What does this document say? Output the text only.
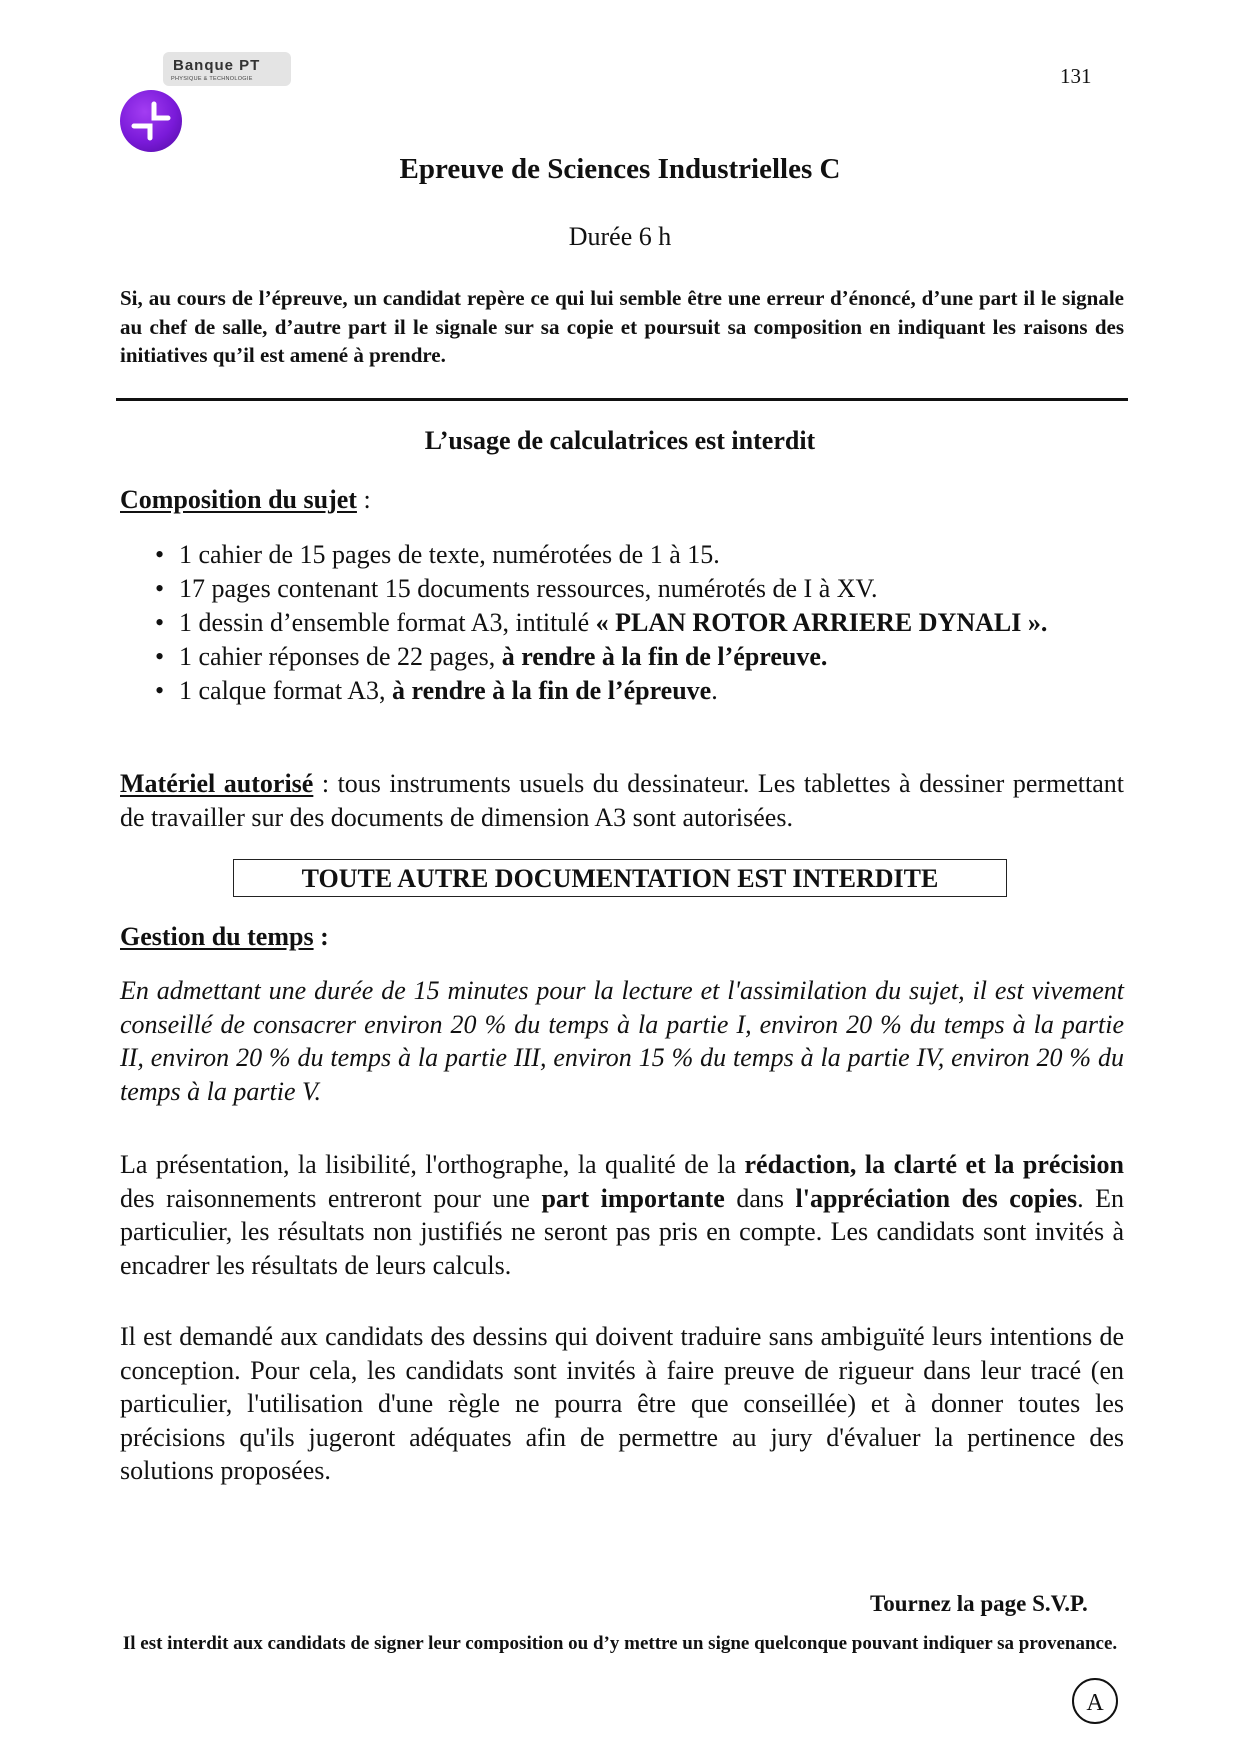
Banque PT
PHYSIQUE & TECHNOLOGIE	131
Epreuve de Sciences Industrielles C
Durée 6 h
Si, au cours de l’épreuve, un candidat repère ce qui lui semble être une erreur d’énoncé, d’une part il le signale au chef de salle, d’autre part il le signale sur sa copie et poursuit sa composition en indiquant les raisons des initiatives qu’il est amené à prendre.
L’usage de calculatrices est interdit
Composition du sujet :
• 1 cahier de 15 pages de texte, numérotées de 1 à 15.
• 17 pages contenant 15 documents ressources, numérotés de I à XV.
• 1 dessin d’ensemble format A3, intitulé « PLAN ROTOR ARRIERE DYNALI ».
• 1 cahier réponses de 22 pages, à rendre à la fin de l’épreuve.
• 1 calque format A3, à rendre à la fin de l’épreuve.
Matériel autorisé : tous instruments usuels du dessinateur. Les tablettes à dessiner permettant de travailler sur des documents de dimension A3 sont autorisées.
TOUTE AUTRE DOCUMENTATION EST INTERDITE
Gestion du temps :
En admettant une durée de 15 minutes pour la lecture et l'assimilation du sujet, il est vivement conseillé de consacrer environ 20 % du temps à la partie I, environ 20 % du temps à la partie II, environ 20 % du temps à la partie III, environ 15 % du temps à la partie IV, environ 20 % du temps à la partie V.
La présentation, la lisibilité, l'orthographe, la qualité de la rédaction, la clarté et la précision des raisonnements entreront pour une part importante dans l'appréciation des copies. En particulier, les résultats non justifiés ne seront pas pris en compte. Les candidats sont invités à encadrer les résultats de leurs calculs.
Il est demandé aux candidats des dessins qui doivent traduire sans ambiguïté leurs intentions de conception. Pour cela, les candidats sont invités à faire preuve de rigueur dans leur tracé (en particulier, l'utilisation d'une règle ne pourra être que conseillée) et à donner toutes les précisions qu'ils jugeront adéquates afin de permettre au jury d'évaluer la pertinence des solutions proposées.
Tournez la page S.V.P.
Il est interdit aux candidats de signer leur composition ou d’y mettre un signe quelconque pouvant indiquer sa provenance.
A
